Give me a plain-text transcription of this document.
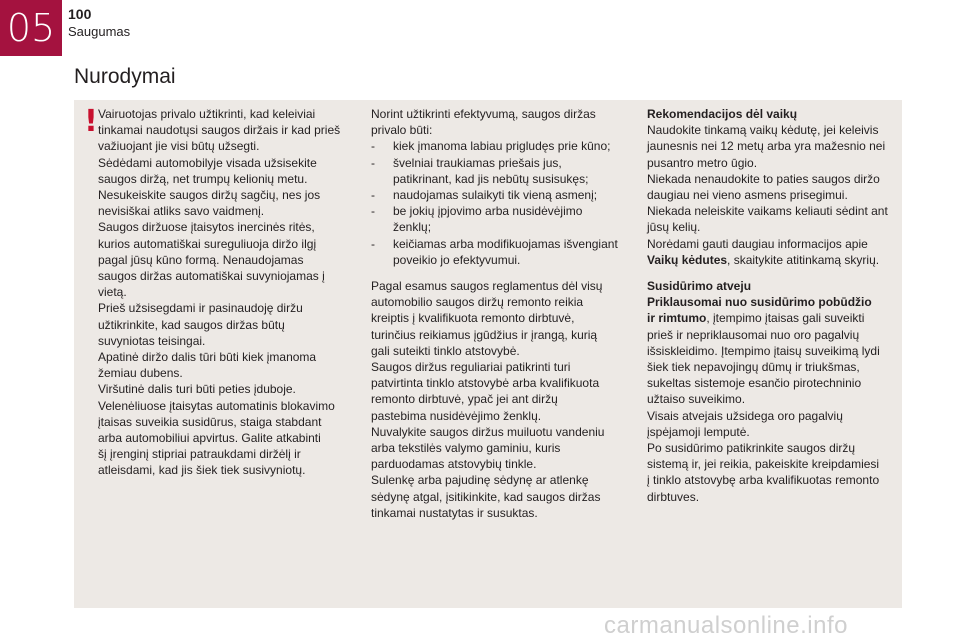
05 100
Saugumas
Nurodymai
! Vairuotojas privalo užtikrinti, kad keleiviai

tinkamai naudotųsi saugos diržais ir kad prieš

važiuojant jie visi būtų užsegti.

Sėdėdami automobilyje visada užsisekite

saugos diržą, net trumpų kelionių metu.

Nesukeiskite saugos diržų sagčių, nes jos

nevisiškai atliks savo vaidmenį.

Saugos diržuose įtaisytos inercinės ritės,

kurios automatiškai sureguliuoja diržo ilgį

pagal jūsų kūno formą. Nenaudojamas

saugos diržas automatiškai suvyniojamas į

vietą.

Prieš užsisegdami ir pasinaudoję diržu

užtikrinkite, kad saugos diržas būtų

suvyniotas teisingai.

Apatinė diržo dalis tūri būti kiek įmanoma

žemiau dubens.

Viršutinė dalis turi būti peties įduboje.

Velenėliuose įtaisytas automatinis blokavimo

įtaisas suveikia susidūrus, staiga stabdant

arba automobiliui apvirtus. Galite atkabinti

šį įrenginį stipriai patraukdami diržėlį ir

atleisdami, kad jis šiek tiek susivyniotų.

Norint užtikrinti efektyvumą, saugos diržas

privalo būti:

-	kiek įmanoma labiau prigludęs prie kūno;

-	švelniai traukiamas priešais jus,

patikrinant, kad jis nebūtų susisukęs;

-	naudojamas sulaikyti tik vieną asmenį;

-	be jokių įpjovimo arba nusidėvėjimo

ženklų;

-	keičiamas arba modifikuojamas išvengiant

poveikio jo efektyvumui.

Pagal esamus saugos reglamentus dėl visų

automobilio saugos diržų remonto reikia

kreiptis į kvalifikuota remonto dirbtuvė,

turinčius reikiamus įgūdžius ir įrangą, kurią

gali suteikti tinklo atstovybė.

Saugos diržus reguliariai patikrinti turi

patvirtinta tinklo atstovybė arba kvalifikuota

remonto dirbtuvė, ypač jei ant diržų

pastebima nusidėvėjimo ženklų.

Nuvalykite saugos diržus muiluotu vandeniu

arba tekstilės valymo gaminiu, kuris

parduodamas atstovybių tinkle.

Sulenkę arba pajudinę sėdynę ar atlenkę

sėdynę atgal, įsitikinkite, kad saugos diržas

tinkamai nustatytas ir susuktas.

Rekomendacijos dėl vaikų

Naudokite tinkamą vaikų kėdutę, jei keleivis

jaunesnis nei 12 metų arba yra mažesnio nei

pusantro metro ūgio.

Niekada nenaudokite to paties saugos diržo

daugiau nei vieno asmens prisegimui.

Niekada neleiskite vaikams keliauti sėdint ant

jūsų kelių.

Norėdami gauti daugiau informacijos apie

Vaikų kėdutes, skaitykite atitinkamą skyrių.

Susidūrimo atveju

Priklausomai nuo susidūrimo pobūdžio

ir rimtumo, įtempimo įtaisas gali suveikti

prieš ir nepriklausomai nuo oro pagalvių

išsiskleidimo. Įtempimo įtaisų suveikimą lydi

šiek tiek nepavojingų dūmų ir triukšmas,

sukeltas sistemoje esančio pirotechninio

užtaiso suveikimo.

Visais atvejais užsidega oro pagalvių

įspėjamoji lemputė.

Po susidūrimo patikrinkite saugos diržų

sistemą ir, jei reikia, pakeiskite kreipdamiesi

į tinklo atstovybę arba kvalifikuotas remonto

dirbtuves.

carmanualsonline.info
